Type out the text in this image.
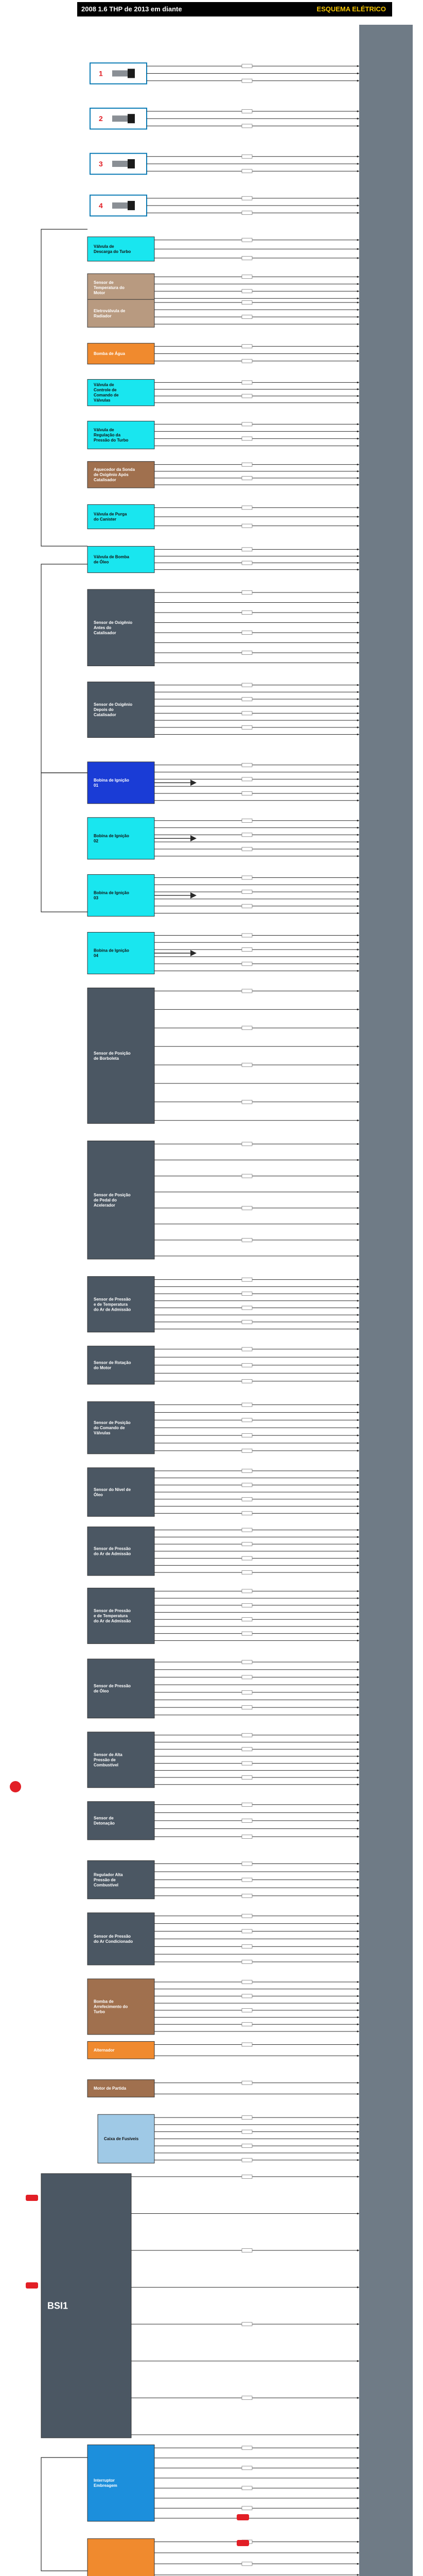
2008 1.6 THP de 2013 em diante	ESQUEMA ELÉTRICO
1
2
3
4
Válvula de
Descarga do Turbo
Sensor de
Temperatura do
Motor
Eletroválvula de
Radiador
Bomba de Água
Válvula de
Controle de
Comando de
Válvulas
Válvula de
Regulação da
Pressão do Turbo
Aquecedor da Sonda
de Oxigênio Após
Catalisador
Válvula de Purga
do Canister
Válvula de Bomba
de Óleo
Sensor de Oxigênio
Antes do
Catalisador
Sensor de Oxigênio
Depois do
Catalisador
Bobina de Ignição
01
Bobina de Ignição
02
Bobina de Ignição
03
Bobina de Ignição
04
Sensor de Posição
de Borboleta
Sensor de Posição
de Pedal do
Acelerador
Sensor de Pressão
e de Temperatura
do Ar de Admissão
Sensor de Rotação
do Motor
Sensor de Posição
do Comando de
Válvulas
Sensor do Nível de
Óleo
Sensor de Pressão
do Ar de Admissão
Sensor de Pressão
e de Temperatura
do Ar de Admissão
Sensor de Pressão
de Óleo
Sensor de Alta
Pressão de
Combustível
Sensor de
Detonação
Regulador Alta
Pressão de
Combustível
Sensor de Pressão
do Ar Condicionado
Bomba de
Arrefecimento do
Turbo
Alternador
Motor de Partida
Caixa de Fusíveis
BSI1
Interruptor
Embreagem
